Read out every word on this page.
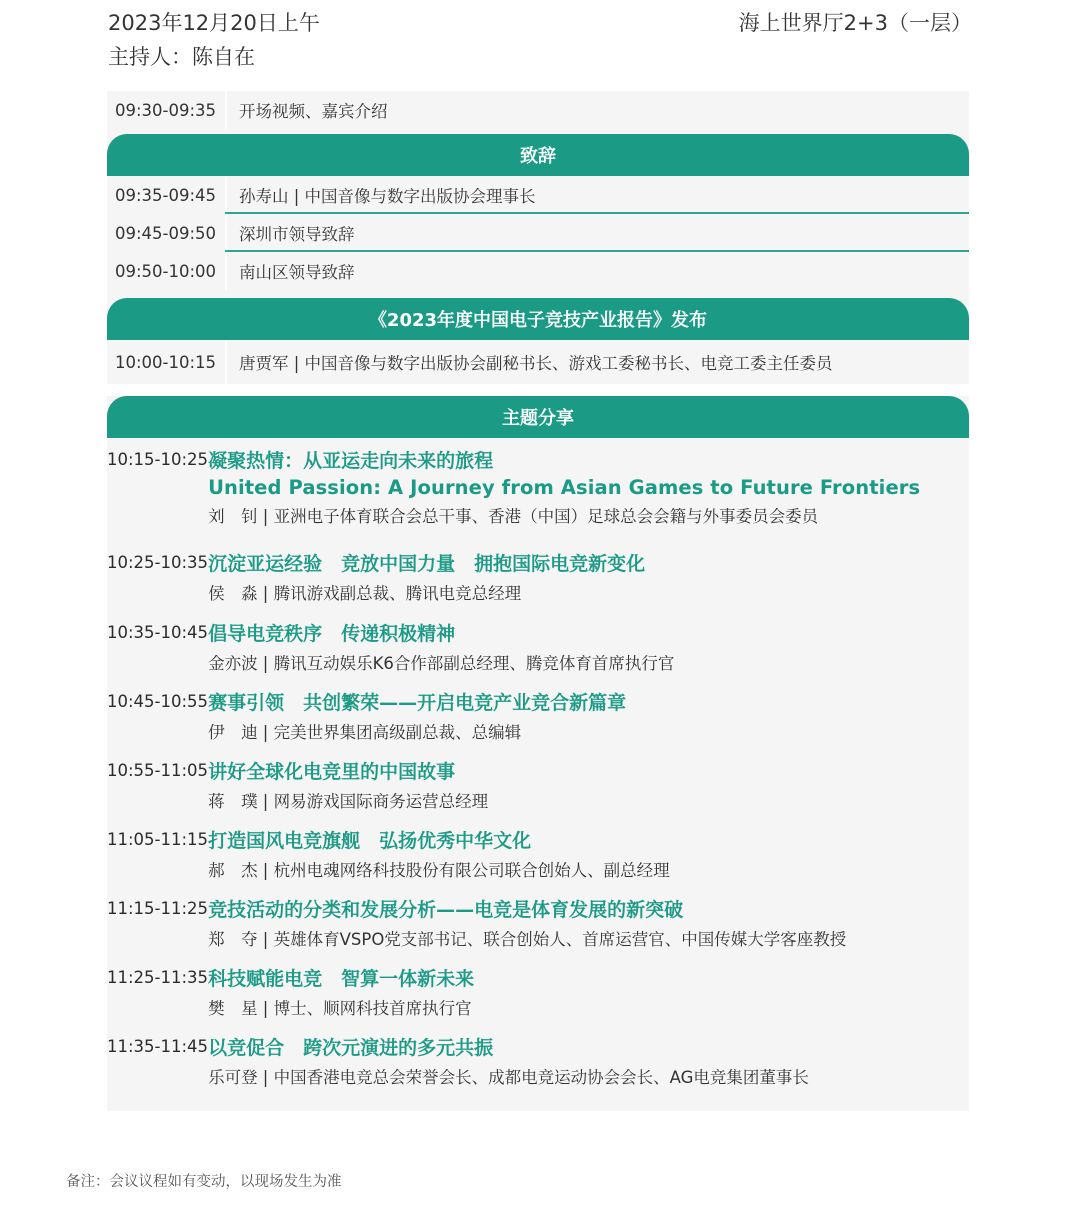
2023年12月20日上午	海上世界厅2+3（一层）
主持人：陈自在
09:30-09:35	开场视频、嘉宾介绍
致辞
09:35-09:45	孙寿山 | 中国音像与数字出版协会理事长
09:45-09:50	深圳市领导致辞
09:50-10:00	南山区领导致辞
《2023年度中国电子竞技产业报告》发布
10:00-10:15	唐贾军 | 中国音像与数字出版协会副秘书长、游戏工委秘书长、电竞工委主任委员
主题分享
10:15-10:25 凝聚热情：从亚运走向未来的旅程
United Passion: A Journey from Asian Games to Future Frontiers
刘　钊 | 亚洲电子体育联合会总干事、香港（中国）足球总会会籍与外事委员会委员
10:25-10:35 沉淀亚运经验　竞放中国力量　拥抱国际电竞新变化
侯　淼 | 腾讯游戏副总裁、腾讯电竞总经理
10:35-10:45 倡导电竞秩序　传递积极精神
金亦波 | 腾讯互动娱乐K6合作部副总经理、腾竞体育首席执行官
10:45-10:55 赛事引领　共创繁荣——开启电竞产业竞合新篇章
伊　迪 | 完美世界集团高级副总裁、总编辑
10:55-11:05 讲好全球化电竞里的中国故事
蒋　璞 | 网易游戏国际商务运营总经理
11:05-11:15 打造国风电竞旗舰　弘扬优秀中华文化
郝　杰 | 杭州电魂网络科技股份有限公司联合创始人、副总经理
11:15-11:25 竞技活动的分类和发展分析——电竞是体育发展的新突破
郑　夺 | 英雄体育VSPO党支部书记、联合创始人、首席运营官、中国传媒大学客座教授
11:25-11:35 科技赋能电竞　智算一体新未来
樊　星 | 博士、顺网科技首席执行官
11:35-11:45 以竞促合　跨次元演进的多元共振
乐可登 | 中国香港电竞总会荣誉会长、成都电竞运动协会会长、AG电竞集团董事长
备注：会议议程如有变动，以现场发生为准
